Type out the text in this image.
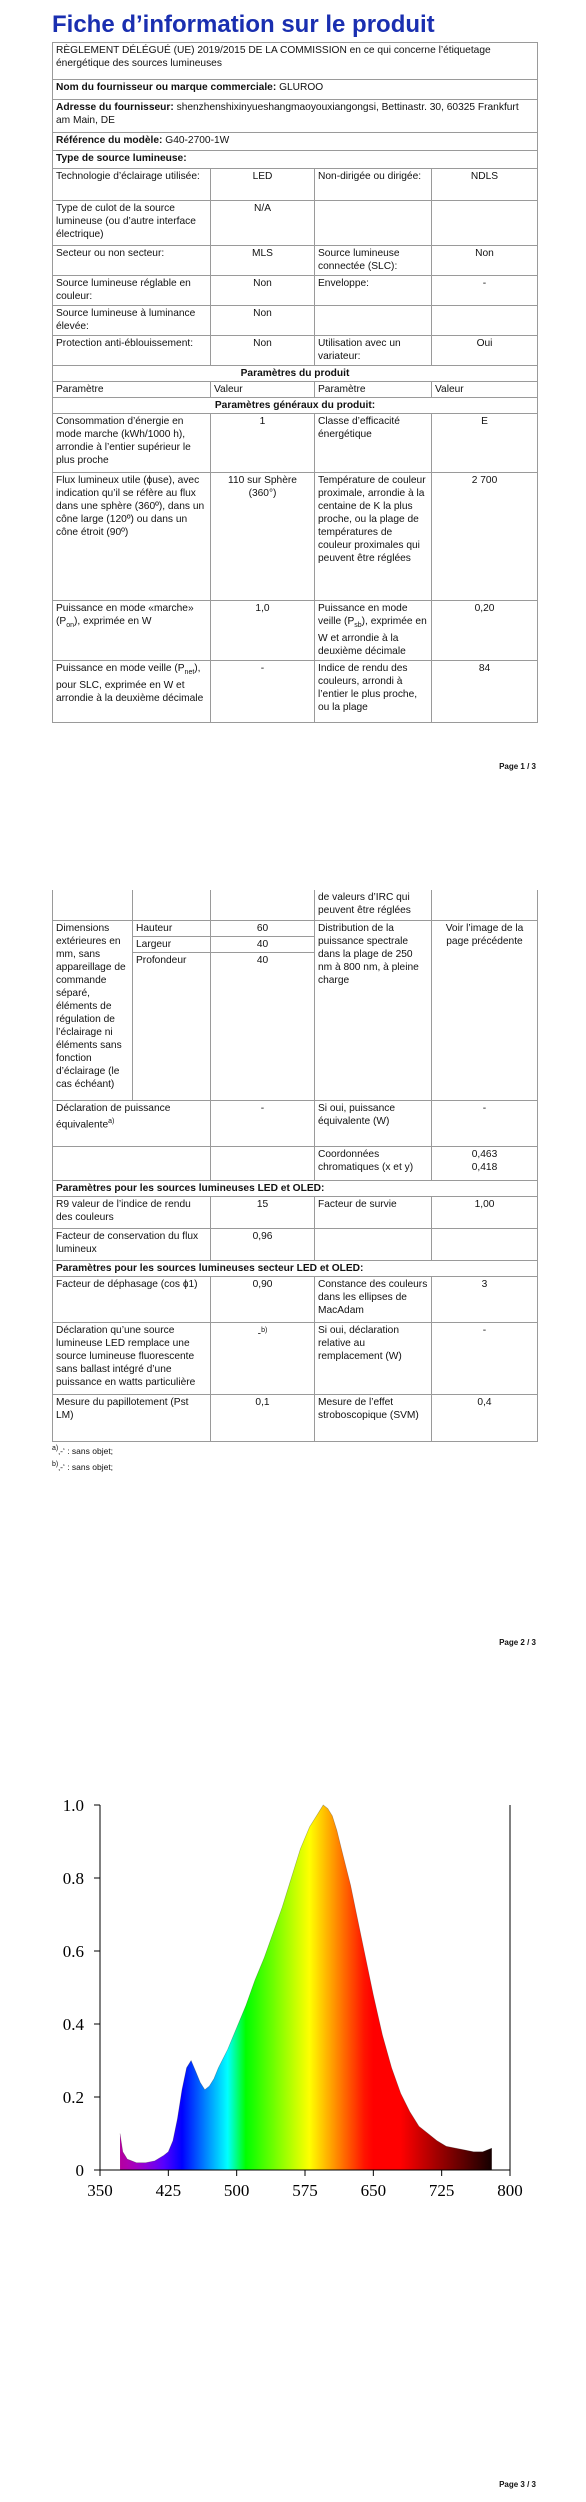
Fiche d’information sur le produit
RÈGLEMENT DÉLÉGUÉ (UE) 2019/2015 DE LA COMMISSION en ce qui concerne l’étiquetage énergétique des sources lumineuses			
Nom du fournisseur ou marque commerciale: GLUROO			
Adresse du fournisseur: shenzhenshixinyueshangmaoyouxiangongsi, Bettinastr. 30, 60325 Frankfurt am Main, DE			
Référence du modèle: G40-2700-1W			
Type de source lumineuse:			
Technologie d’éclairage utilisée:	LED	Non-dirigée ou dirigée:	NDLS
Type de culot de la source lumineuse (ou d’autre interface électrique)	N/A		
Secteur ou non secteur:	MLS	Source lumineuse connectée (SLC):	Non
Source lumineuse réglable en couleur:	Non	Enveloppe:	-
Source lumineuse à luminance élevée:	Non		
Protection anti-éblouissement:	Non	Utilisation avec un variateur:	Oui
Paramètres du produit			
Paramètre	Valeur	Paramètre	Valeur
Paramètres généraux du produit:			
Consommation d’énergie en mode marche (kWh/1000 h), arrondie à l’entier supérieur le plus proche	1	Classe d’efficacité énergétique	E
Flux lumineux utile (ɸuse), avec indication qu’il se réfère au flux dans une sphère (360º), dans un cône large (120º) ou dans un cône étroit (90º)	110 sur Sphère (360°)	Température de couleur proximale, arrondie à la centaine de K la plus proche, ou la plage de températures de couleur proximales qui peuvent être réglées	2 700
Puissance en mode «marche» $(P_{on})$, exprimée en W	1,0	Puissance en mode veille $(P_{sb})$, exprimée en W et arrondie à la deuxième décimale	0,20
Puissance en mode veille $(P_{net})$, pour SLC, exprimée en W et arrondie à la deuxième décimale	-	Indice de rendu des couleurs, arrondi à l’entier le plus proche, ou la plage	84
Page 1 / 3
			de valeurs d’IRC qui peuvent être réglées	
Dimensions extérieures en mm, sans appareillage de commande séparé, éléments de régulation de l’éclairage ni éléments sans fonction d’éclairage (le cas échéant)	Hauteur	60	Distribution de la puissance spectrale dans la plage de 250 nm à 800 nm, à pleine charge	Voir l’image de la page précédente
	Largeur	40		
	Profondeur	40		
Déclaration de puissance équivalente$^{a)}$		-	Si oui, puissance équivalente (W)	-
			Coordonnées chromatiques (x et y)	0,463
0,418

Paramètres pour les sources lumineuses LED et OLED:				
R9 valeur de l’indice de rendu des couleurs		15	Facteur de survie	1,00
Facteur de conservation du flux lumineux		0,96		
Paramètres pour les sources lumineuses secteur LED et OLED:				
Facteur de déphasage (cos ɸ1)		0,90	Constance des couleurs dans les ellipses de MacAdam	3
Déclaration qu’une source lumineuse LED remplace une source lumineuse fluorescente sans ballast intégré d’une puissance en watts particulière		-$^{b)}$	Si oui, déclaration relative au remplacement (W)	-
Mesure du papillotement (Pst LM)		0,1	Mesure de l’effet stroboscopique (SVM)	0,4
$^{a)}$‚-‘ : sans objet;
$^{b)}$‚-‘ : sans objet;
Page 2 / 3
350	425	500	575	650	725	800
0
0.2
0.4
0.6
0.8
1.0
Page 3 / 3
